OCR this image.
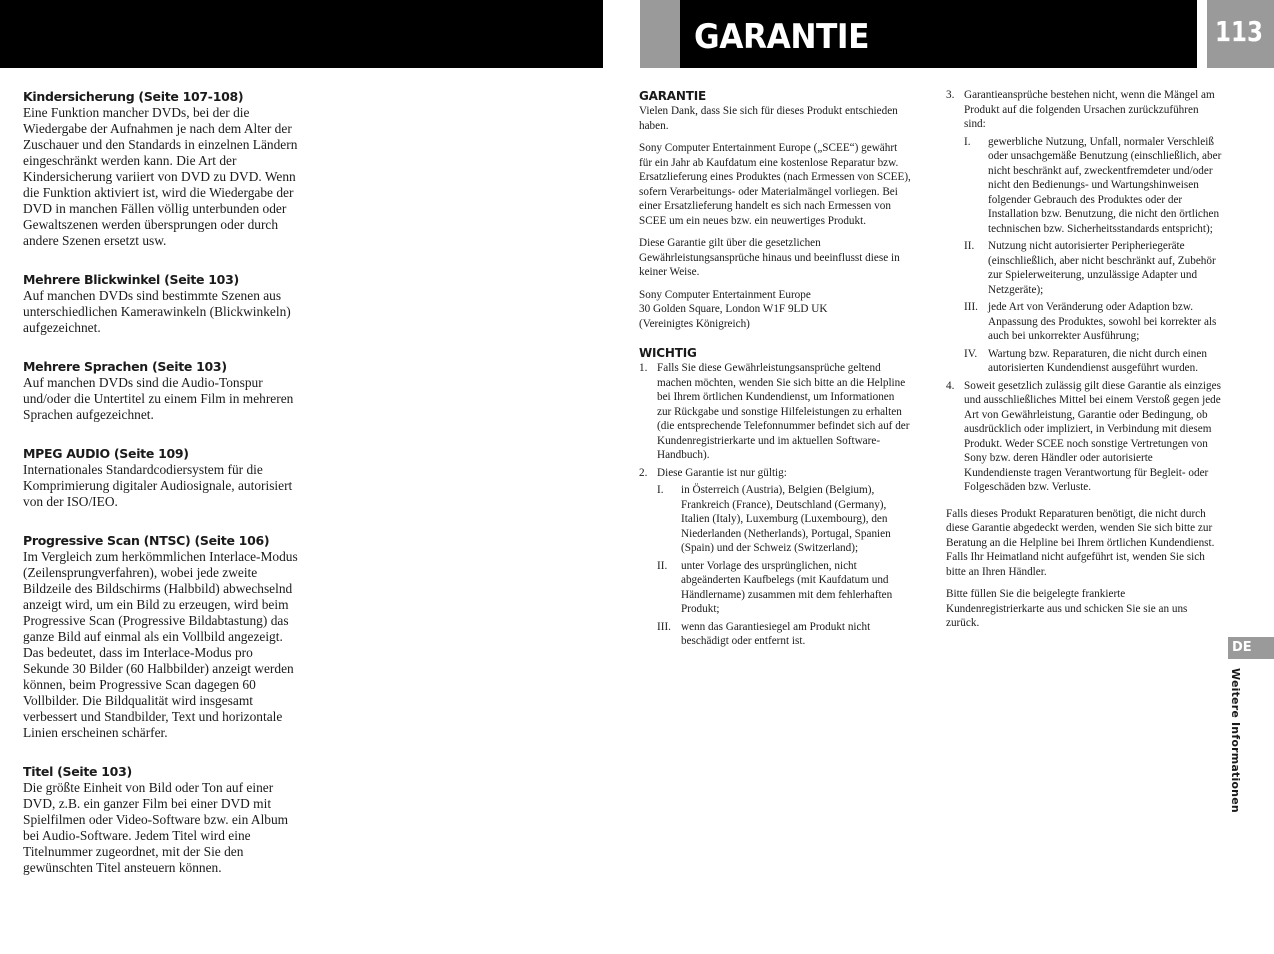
GARANTIE	113
Kindersicherung (Seite 107-108)
Eine Funktion mancher DVDs, bei der die Wiedergabe der Aufnahmen je nach dem Alter der Zuschauer und den Standards in einzelnen Ländern eingeschränkt werden kann. Die Art der Kindersicherung variiert von DVD zu DVD. Wenn die Funktion aktiviert ist, wird die Wiedergabe der DVD in manchen Fällen völlig unterbunden oder Gewaltszenen werden übersprungen oder durch andere Szenen ersetzt usw.
Mehrere Blickwinkel (Seite 103)
Auf manchen DVDs sind bestimmte Szenen aus unterschiedlichen Kamerawinkeln (Blickwinkeln) aufgezeichnet.
Mehrere Sprachen (Seite 103)
Auf manchen DVDs sind die Audio-Tonspur und/oder die Untertitel zu einem Film in mehreren Sprachen aufgezeichnet.
MPEG AUDIO (Seite 109)
Internationales Standardcodiersystem für die Komprimierung digitaler Audiosignale, autorisiert von der ISO/IEO.
Progressive Scan (NTSC) (Seite 106)
Im Vergleich zum herkömmlichen Interlace-Modus (Zeilensprungverfahren), wobei jede zweite Bildzeile des Bildschirms (Halbbild) abwechselnd anzeigt wird, um ein Bild zu erzeugen, wird beim Progressive Scan (Progressive Bildabtastung) das ganze Bild auf einmal als ein Vollbild angezeigt. Das bedeutet, dass im Interlace-Modus pro Sekunde 30 Bilder (60 Halbbilder) anzeigt werden können, beim Progressive Scan dagegen 60 Vollbilder. Die Bildqualität wird insgesamt verbessert und Standbilder, Text und horizontale Linien erscheinen schärfer.
Titel (Seite 103)
Die größte Einheit von Bild oder Ton auf einer DVD, z.B. ein ganzer Film bei einer DVD mit Spielfilmen oder Video-Software bzw. ein Album bei Audio-Software. Jedem Titel wird eine Titelnummer zugeordnet, mit der Sie den gewünschten Titel ansteuern können.
GARANTIE

Vielen Dank, dass Sie sich für dieses Produkt entschieden haben.

Sony Computer Entertainment Europe („SCEE“) gewährt für ein Jahr ab Kaufdatum eine kostenlose Reparatur bzw. Ersatzlieferung eines Produktes (nach Ermessen von SCEE), sofern Verarbeitungs- oder Materialmängel vorliegen. Bei einer Ersatzlieferung handelt es sich nach Ermessen von
SCEE um ein neues bzw. ein neuwertiges Produkt.

Diese Garantie gilt über die gesetzlichen Gewährleistungsansprüche hinaus und beeinflusst diese in keiner Weise.

Sony Computer Entertainment Europe
30 Golden Square, London W1F 9LD UK
(Vereinigtes Königreich)

WICHTIG
1. Falls Sie diese Gewährleistungsansprüche geltend machen möchten, wenden Sie sich bitte an die Helpline bei Ihrem örtlichen Kundendienst, um Informationen zur Rückgabe und sonstige Hilfeleistungen zu erhalten (die entsprechende Telefonnummer befindet sich auf der Kundenregistrierkarte und im aktuellen Software-Handbuch).
2. Diese Garantie ist nur gültig:
I. in Österreich (Austria), Belgien (Belgium), Frankreich (France), Deutschland (Germany), Italien (Italy), Luxemburg (Luxembourg), den Niederlanden (Netherlands), Portugal, Spanien (Spain) und der Schweiz (Switzerland);
II. unter Vorlage des ursprünglichen, nicht abgeänderten Kaufbelegs (mit Kaufdatum und Händlername) zusammen mit dem fehlerhaften Produkt;
III. wenn das Garantiesiegel am Produkt nicht beschädigt oder entfernt ist.
3. Garantieansprüche bestehen nicht, wenn die Mängel am Produkt auf die folgenden Ursachen zurückzuführen sind:
I. gewerbliche Nutzung, Unfall, normaler Verschleiß oder unsachgemäße Benutzung (einschließlich, aber nicht beschränkt auf, zweckentfremdeter und/oder nicht den Bedienungs- und Wartungshinweisen folgender Gebrauch des Produktes oder der Installation bzw. Benutzung, die nicht den örtlichen technischen bzw. Sicherheitsstandards entspricht);
II. Nutzung nicht autorisierter Peripheriegeräte (einschließlich, aber nicht beschränkt auf, Zubehör zur Spielerweiterung, unzulässige Adapter und Netzgeräte);
III. jede Art von Veränderung oder Adaption bzw. Anpassung des Produktes, sowohl bei korrekter als auch bei unkorrekter Ausführung;
IV. Wartung bzw. Reparaturen, die nicht durch einen autorisierten Kundendienst ausgeführt wurden.
4. Soweit gesetzlich zulässig gilt diese Garantie als einziges und ausschließliches Mittel bei einem Verstoß gegen jede Art von Gewährleistung, Garantie oder Bedingung, ob ausdrücklich oder impliziert, in Verbindung mit diesem Produkt. Weder SCEE noch sonstige Vertretungen von Sony bzw. deren Händler oder autorisierte Kundendienste tragen Verantwortung für Begleit- oder Folgeschäden bzw. Verluste.

Falls dieses Produkt Reparaturen benötigt, die nicht durch diese Garantie abgedeckt werden, wenden Sie sich bitte zur Beratung an die Helpline bei Ihrem örtlichen Kundendienst. Falls Ihr Heimatland nicht aufgeführt ist, wenden Sie sich bitte an Ihren Händler.

Bitte füllen Sie die beigelegte frankierte Kundenregistrierkarte aus und schicken Sie sie an uns zurück.

DE
Weitere Informationen
